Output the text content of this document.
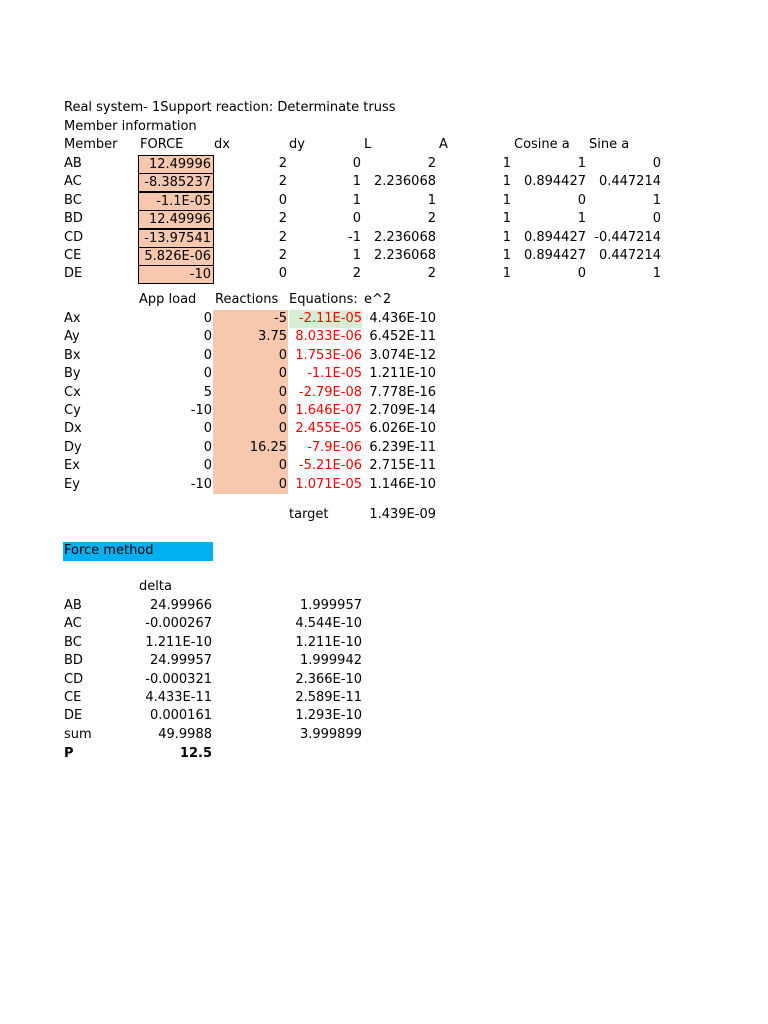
Real system- 1Support reaction: Determinate truss
Member information
Member FORCE dx	dy	L	A	Cosine a Sine a
AB	12.49996	2	0	2	1	1	0
AC	-8.385237	2	1 2.236068	1 0.894427 0.447214
BC	-1.1E-05	0	1	1	1	0	1
BD	12.49996	2	0	2	1	1	0
CD	-13.97541	2	-1 2.236068	1 0.894427 -0.447214
CE	5.826E-06	2	1 2.236068	1 0.894427 0.447214
DE	-10	0	2	2	1	0	1
Ax	0	-5 -2.11E-05 4.436E-10
Ay	0	3.75 8.033E-06 6.452E-11
Bx	0	0 1.753E-06 3.074E-12
By	0	0	-1.1E-05 1.211E-10
Cx	5	0 -2.79E-08 7.778E-16
Cy	-10	0 1.646E-07 2.709E-14
Dx	0	0 2.455E-05 6.026E-10
Dy	0	16.25	-7.9E-06 6.239E-11
Ex	0	0 -5.21E-06 2.715E-11
Ey	-10	0 1.071E-05 1.146E-10
AB	24.99966	1.999957
AC	-0.000267	4.544E-10
BC	1.211E-10	1.211E-10
BD	24.99957	1.999942
CD	-0.000321	2.366E-10
CE	4.433E-11	2.589E-11
DE	0.000161	1.293E-10
sum	49.9988	3.999899
App load Reactions Equations: e^2
target	1.439E-09
Force method
delta
P	12.5
